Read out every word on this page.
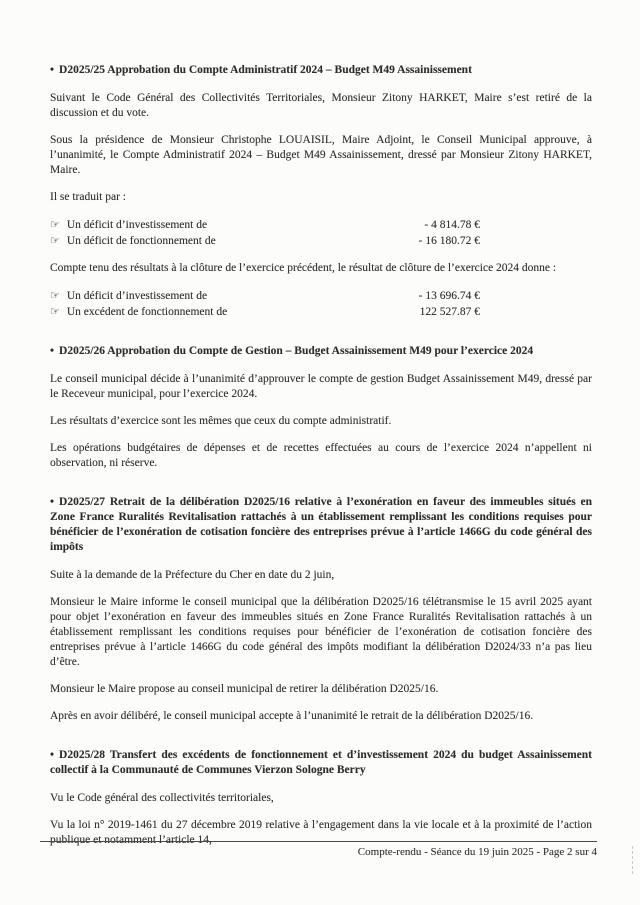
• D2025/25 Approbation du Compte Administratif 2024 – Budget M49 Assainissement

Suivant le Code Général des Collectivités Territoriales, Monsieur Zitony HARKET, Maire s’est retiré de la discussion et du vote.

Sous la présidence de Monsieur Christophe LOUAISIL, Maire Adjoint, le Conseil Municipal approuve, à l’unanimité, le Compte Administratif 2024 – Budget M49 Assainissement, dressé par Monsieur Zitony HARKET, Maire.

Il se traduit par :

☞ Un déficit d’investissement de	- 4 814.78 €
☞ Un déficit de fonctionnement de	- 16 180.72 €

Compte tenu des résultats à la clôture de l’exercice précédent, le résultat de clôture de l’exercice 2024 donne :

☞ Un déficit d’investissement de	- 13 696.74 €
☞ Un excédent de fonctionnement de	122 527.87 €
• D2025/26 Approbation du Compte de Gestion – Budget Assainissement M49 pour l’exercice 2024

Le conseil municipal décide à l’unanimité d’approuver le compte de gestion Budget Assainissement M49, dressé par le Receveur municipal, pour l’exercice 2024.

Les résultats d’exercice sont les mêmes que ceux du compte administratif.

Les opérations budgétaires de dépenses et de recettes effectuées au cours de l’exercice 2024 n’appellent ni observation, ni réserve.

• D2025/27 Retrait de la délibération D2025/16 relative à l’exonération en faveur des immeubles situés en Zone France Ruralités Revitalisation rattachés à un établissement remplissant les conditions requises pour bénéficier de l’exonération de cotisation foncière des entreprises prévue à l’article 1466G du code général des impôts

Suite à la demande de la Préfecture du Cher en date du 2 juin,

Monsieur le Maire informe le conseil municipal que la délibération D2025/16 télétransmise le 15 avril 2025 ayant pour objet l’exonération en faveur des immeubles situés en Zone France Ruralités Revitalisation rattachés à un établissement remplissant les conditions requises pour bénéficier de l’exonération de cotisation foncière des entreprises prévue à l’article 1466G du code général des impôts modifiant la délibération D2024/33 n’a pas lieu d’être.

Monsieur le Maire propose au conseil municipal de retirer la délibération D2025/16.

Après en avoir délibéré, le conseil municipal accepte à l’unanimité le retrait de la délibération D2025/16.

• D2025/28 Transfert des excédents de fonctionnement et d’investissement 2024 du budget Assainissement collectif à la Communauté de Communes Vierzon Sologne Berry

Vu le Code général des collectivités territoriales,

Vu la loi n° 2019-1461 du 27 décembre 2019 relative à l’engagement dans la vie locale et à la proximité de l’action publique et notamment l’article 14,

Compte-rendu - Séance du 19 juin 2025 - Page 2 sur 4
